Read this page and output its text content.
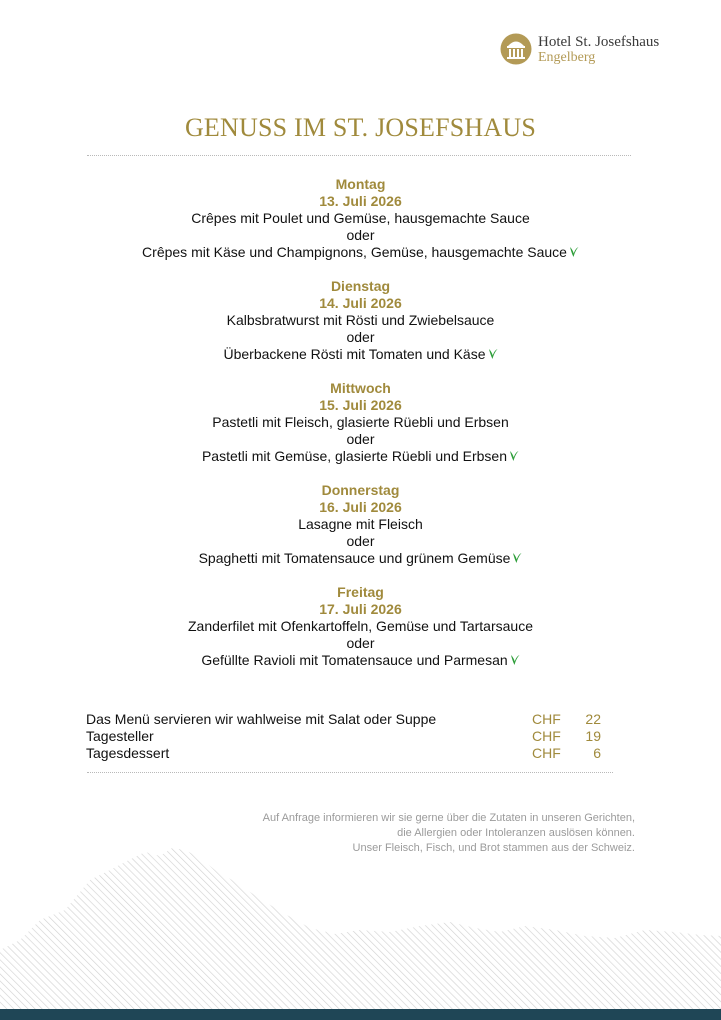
Hotel St. Josefshaus
Engelberg
GENUSS IM ST. JOSEFSHAUS
Montag
13. Juli 2026
Crêpes mit Poulet und Gemüse, hausgemachte Sauce
oder
Crêpes mit Käse und Champignons, Gemüse, hausgemachte Sauce
Dienstag
14. Juli 2026
Kalbsbratwurst mit Rösti und Zwiebelsauce
oder
Überbackene Rösti mit Tomaten und Käse
Mittwoch
15. Juli 2026
Pastetli mit Fleisch, glasierte Rüebli und Erbsen
oder
Pastetli mit Gemüse, glasierte Rüebli und Erbsen
Donnerstag
16. Juli 2026
Lasagne mit Fleisch
oder
Spaghetti mit Tomatensauce und grünem Gemüse
Freitag
17. Juli 2026
Zanderfilet mit Ofenkartoffeln, Gemüse und Tartarsauce
oder
Gefüllte Ravioli mit Tomatensauce und Parmesan
Das Menü servieren wir wahlweise mit Salat oder Suppe	CHF 22
Tagesteller	CHF 19
Tagesdessert	CHF 6
Auf Anfrage informieren wir sie gerne über die Zutaten in unseren Gerichten,
die Allergien oder Intoleranzen auslösen können.
Unser Fleisch, Fisch, und Brot stammen aus der Schweiz.
